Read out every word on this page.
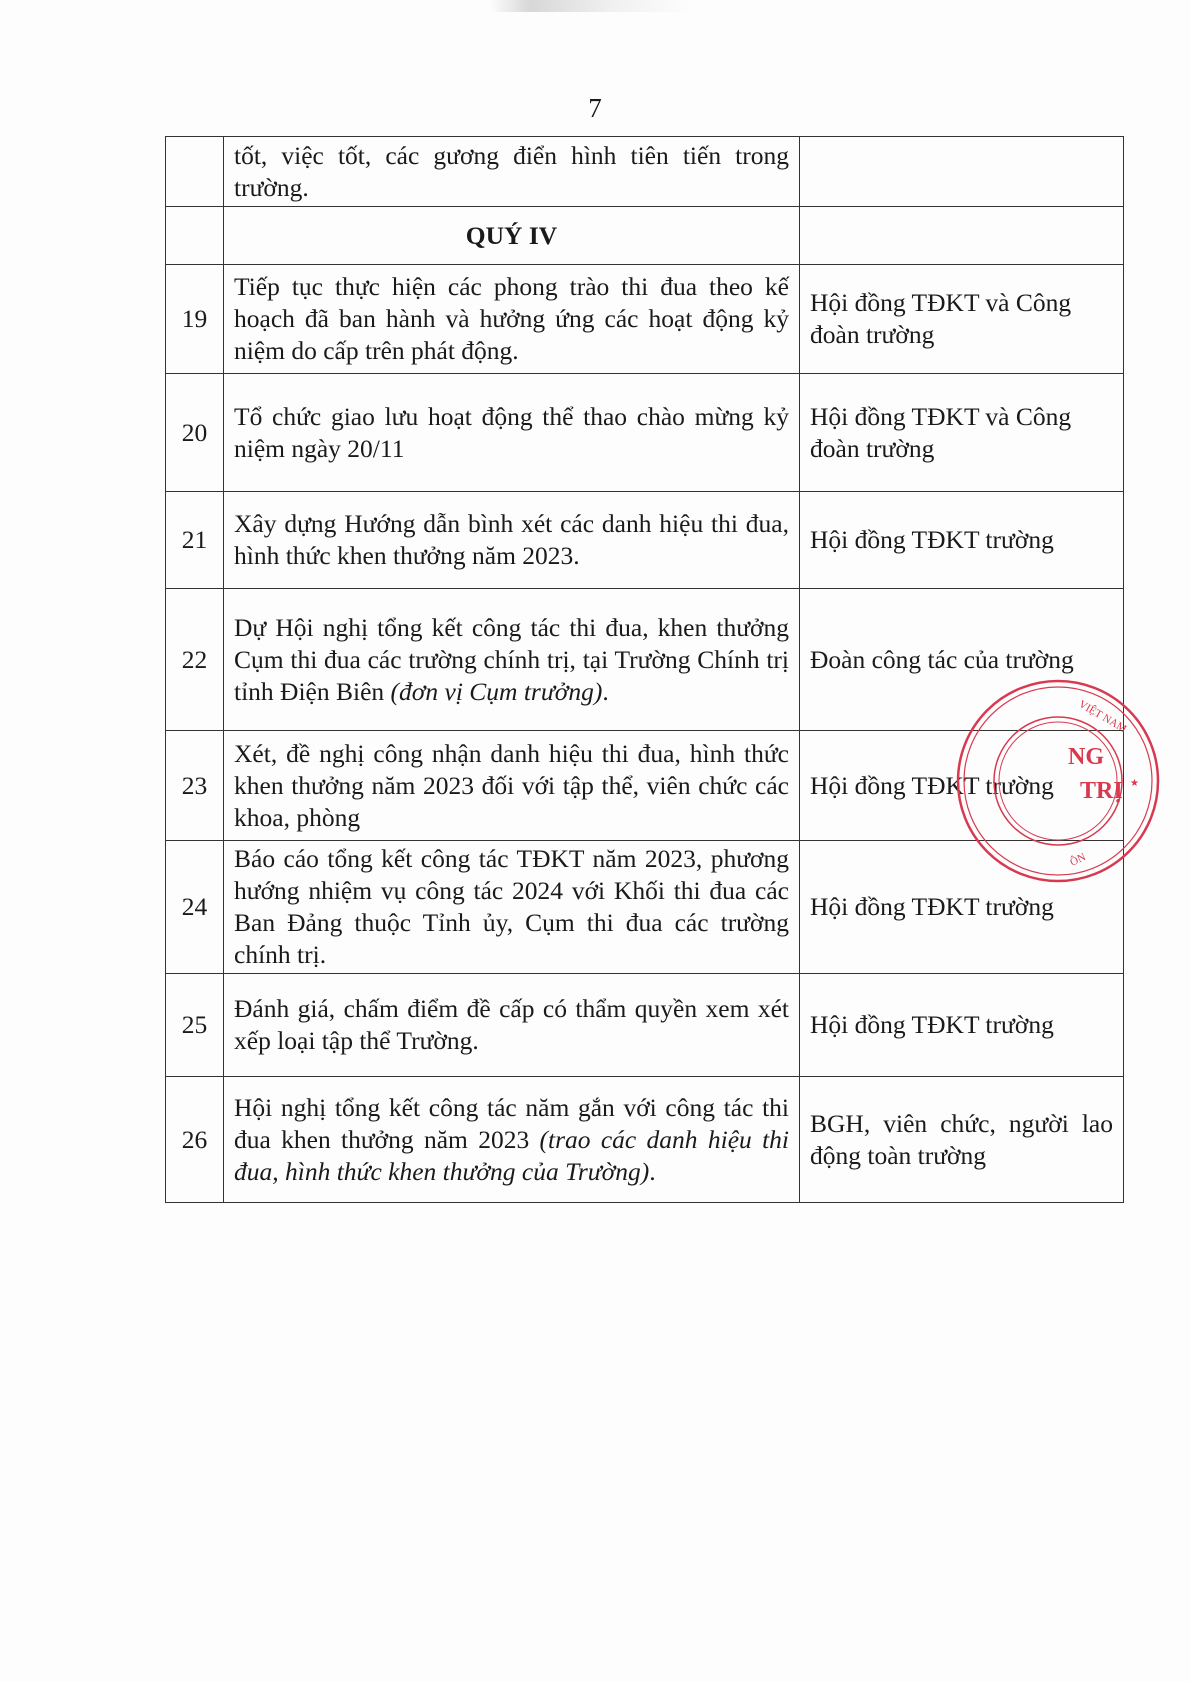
7
	tốt, việc tốt, các gương điển hình tiên tiến trong trường.	
	QUÝ IV	
19	Tiếp tục thực hiện các phong trào thi đua theo kế hoạch đã ban hành và hưởng ứng các hoạt động kỷ niệm do cấp trên phát động.	Hội đồng TĐKT và Công đoàn trường
20	Tổ chức giao lưu hoạt động thể thao chào mừng kỷ niệm ngày 20/11	Hội đồng TĐKT và Công đoàn trường
21	Xây dựng Hướng dẫn bình xét các danh hiệu thi đua, hình thức khen thưởng năm 2023.	Hội đồng TĐKT trường
22	Dự Hội nghị tổng kết công tác thi đua, khen thưởng Cụm thi đua các trường chính trị, tại Trường Chính trị tỉnh Điện Biên (đơn vị Cụm trưởng).	Đoàn công tác của trường
23	Xét, đề nghị công nhận danh hiệu thi đua, hình thức khen thưởng năm 2023 đối với tập thể, viên chức các khoa, phòng	Hội đồng TĐKT trường
24	Báo cáo tổng kết công tác TĐKT năm 2023, phương hướng nhiệm vụ công tác 2024 với Khối thi đua các Ban Đảng thuộc Tỉnh ủy, Cụm thi đua các trường chính trị.	Hội đồng TĐKT trường
25	Đánh giá, chấm điểm đề cấp có thẩm quyền xem xét xếp loại tập thể Trường.	Hội đồng TĐKT trường
26	Hội nghị tổng kết công tác năm gắn với công tác thi đua khen thưởng năm 2023 (trao các danh hiệu thi đua, hình thức khen thưởng của Trường).	BGH, viên chức, người lao động toàn trường
NG
TRỊ
VIỆT NAM
ÔN
★
